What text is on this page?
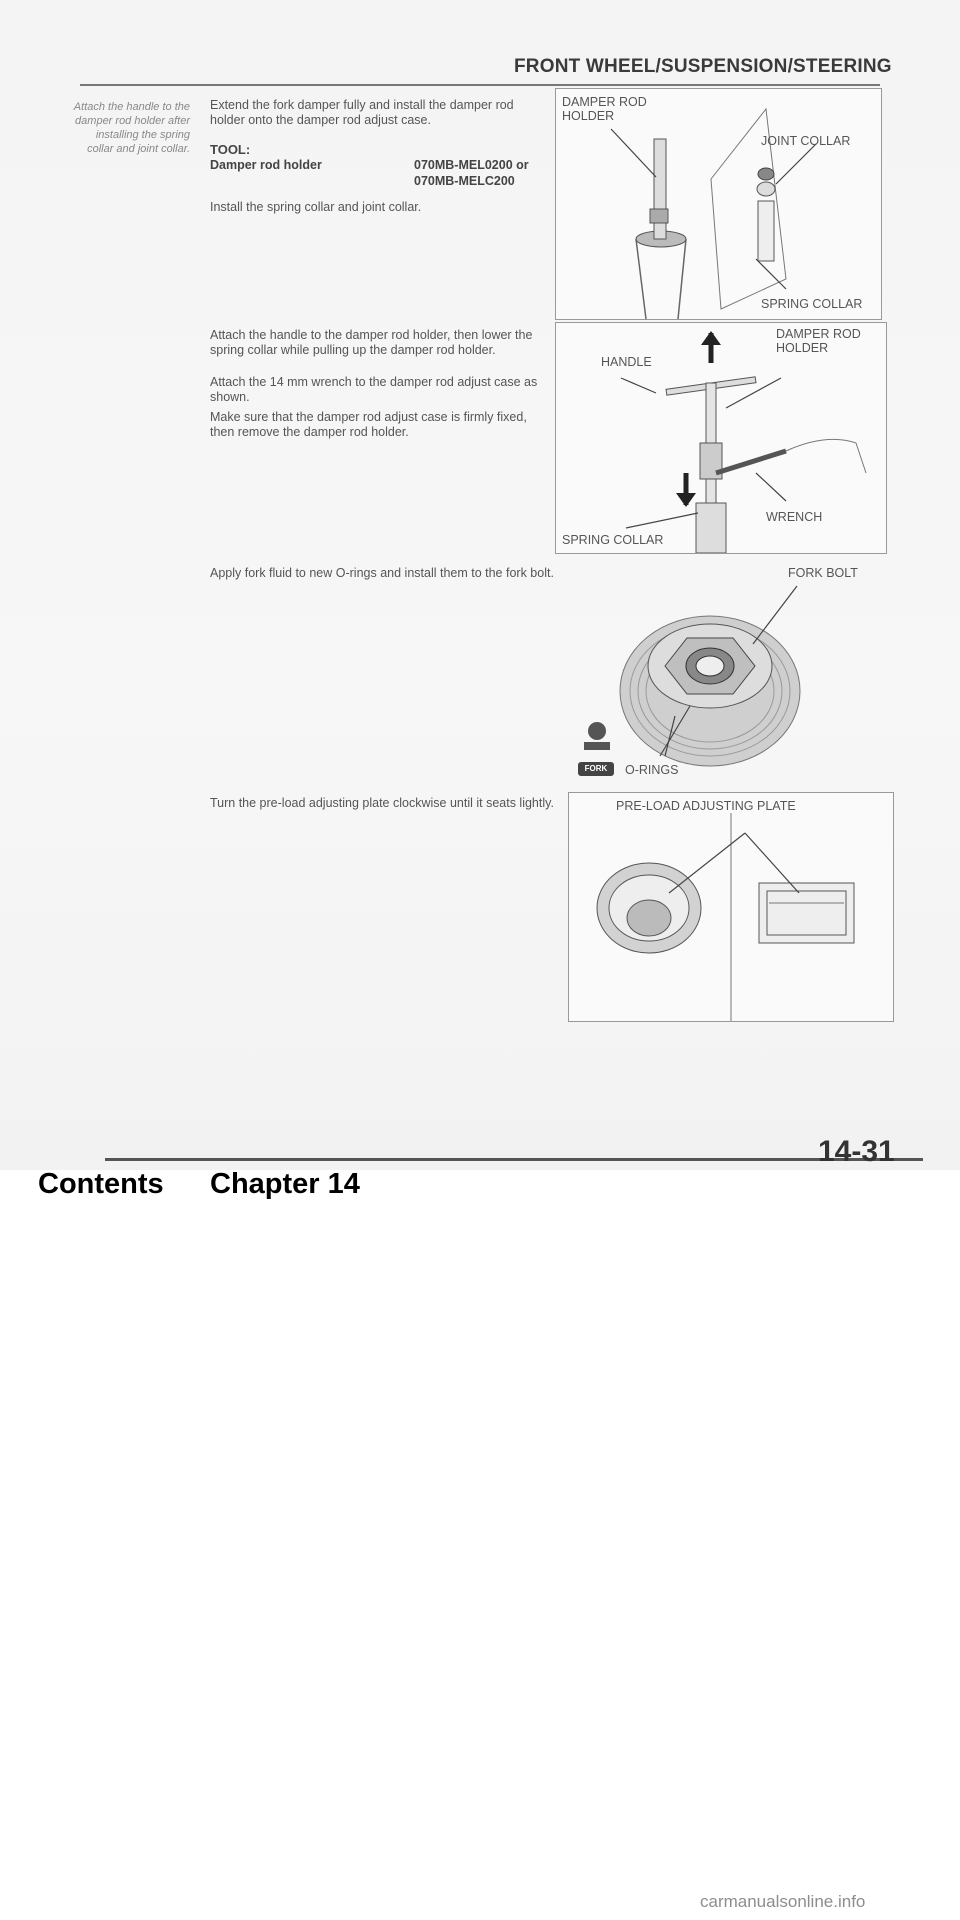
FRONT WHEEL/SUSPENSION/STEERING
Attach the handle to the damper rod holder after installing the spring collar and joint collar.
Extend the fork damper fully and install the damper rod holder onto the damper rod adjust case.
TOOL:
Damper rod holder	070MB-MEL0200 or
070MB-MELC200
Install the spring collar and joint collar.
DAMPER ROD HOLDER
JOINT COLLAR
SPRING COLLAR
Attach the handle to the damper rod holder, then lower the spring collar while pulling up the damper rod holder.
Attach the 14 mm wrench to the damper rod adjust case as shown.
Make sure that the damper rod adjust case is firmly fixed, then remove the damper rod holder.
DAMPER ROD HOLDER
HANDLE
WRENCH
SPRING COLLAR
Apply fork fluid to new O-rings and install them to the fork bolt.	FORK BOLT
O-RINGS
FORK
Turn the pre-load adjusting plate clockwise until it seats lightly.	PRE-LOAD ADJUSTING PLATE
14-31
Contents Chapter 14
carmanualsonline.info
